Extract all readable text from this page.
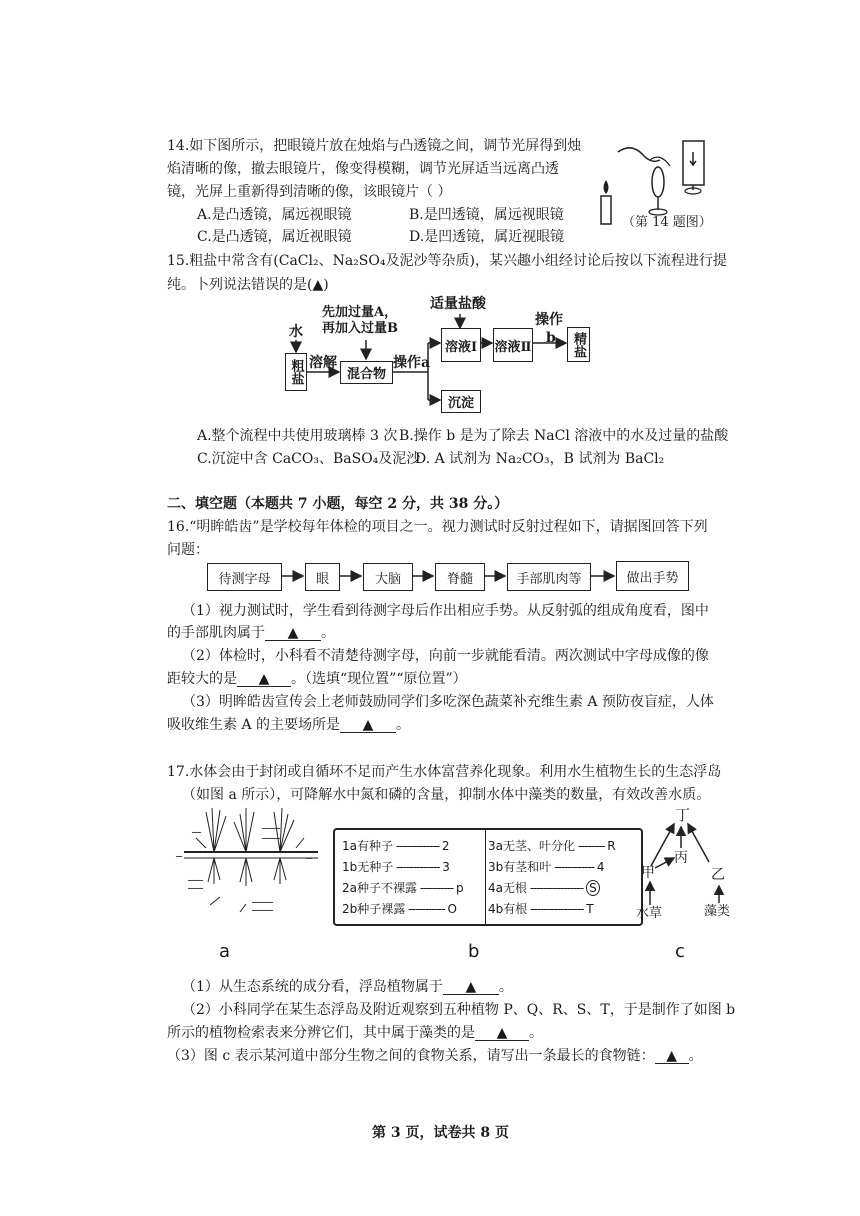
14.如下图所示，把眼镜片放在烛焰与凸透镜之间，调节光屏得到烛
焰清晰的像，撤去眼镜片，像变得模糊，调节光屏适当远离凸透
镜，光屏上重新得到清晰的像，该眼镜片（ ）
A.是凸透镜，属远视眼镜	B.是凹透镜，属远视眼镜
C.是凸透镜，属近视眼镜	D.是凹透镜，属近视眼镜
（第 14 题图）
15.粗盐中常含有(CaCl₂、Na₂SO₄及泥沙等杂质)，某兴趣小组经讨论后按以下流程进行提
纯。卜列说法错误的是(▲)
水
先加过量A，
再加入过量B
适量盐酸
粗盐 溶解
混合物
操作a
溶液Ⅰ	溶液Ⅱ
操作
b	精盐
沉淀
A.整个流程中共使用玻璃棒 3 次 B.操作 b 是为了除去 NaCl 溶液中的水及过量的盐酸
C.沉淀中含 CaCO₃、BaSO₄及泥沙
D. A 试剂为 Na₂CO₃，B 试剂为 BaCl₂
二、填空题（本题共 7 小题，每空 2 分，共 38 分。）
16.“明眸皓齿”是学校每年体检的项目之一。视力测试时反射过程如下，请据图回答下列
问题：
待测字母	眼	大脑	脊髓	手部肌肉等	做出手势
（1）视力测试时，学生看到待测字母后作出相应手势。从反射弧的组成角度看，图中
的手部肌肉属于 ▲ 。
（2）体检时，小科看不清楚待测字母，向前一步就能看清。两次测试中字母成像的像
距较大的是 ▲ 。（选填“现位置”“原位置”）
（3）明眸皓齿宣传会上老师鼓励同学们多吃深色蔬菜补充维生素 A 预防夜盲症，人体
吸收维生素 A 的主要场所是 ▲ 。
17.水体会由于封闭或自循环不足而产生水体富营养化现象。利用水生植物生长的生态浮岛
（如图 a 所示），可降解水中氮和磷的含量，抑制水体中藻类的数量，有效改善水质。
━━━
━━━━━━
━━━━━━
━━━━━
━━━━━
━━━━━━━
━━━━━━━
━━	━━
a
1a有种子 ------------- 2
1b无种子 ------------- 3
2a种子不裸露 ---------- p
2b种子裸露 ----------- O
3a无茎、叶分化 -------- R
3b有茎和叶 ------------ 4
4a无根 ---------------- S
4b有根 ---------------- T
b
丁
丙
甲	乙
水草	藻类
c
（1）从生态系统的成分看，浮岛植物属于 ▲ 。
（2）小科同学在某生态浮岛及附近观察到五种植物 P、Q、R、S、T，于是制作了如图 b
所示的植物检索表来分辨它们，其中属于藻类的是 ▲ 。
（3）图 c 表示某河道中部分生物之间的食物关系，请写出一条最长的食物链： ▲ 。
第 3 页，试卷共 8 页
